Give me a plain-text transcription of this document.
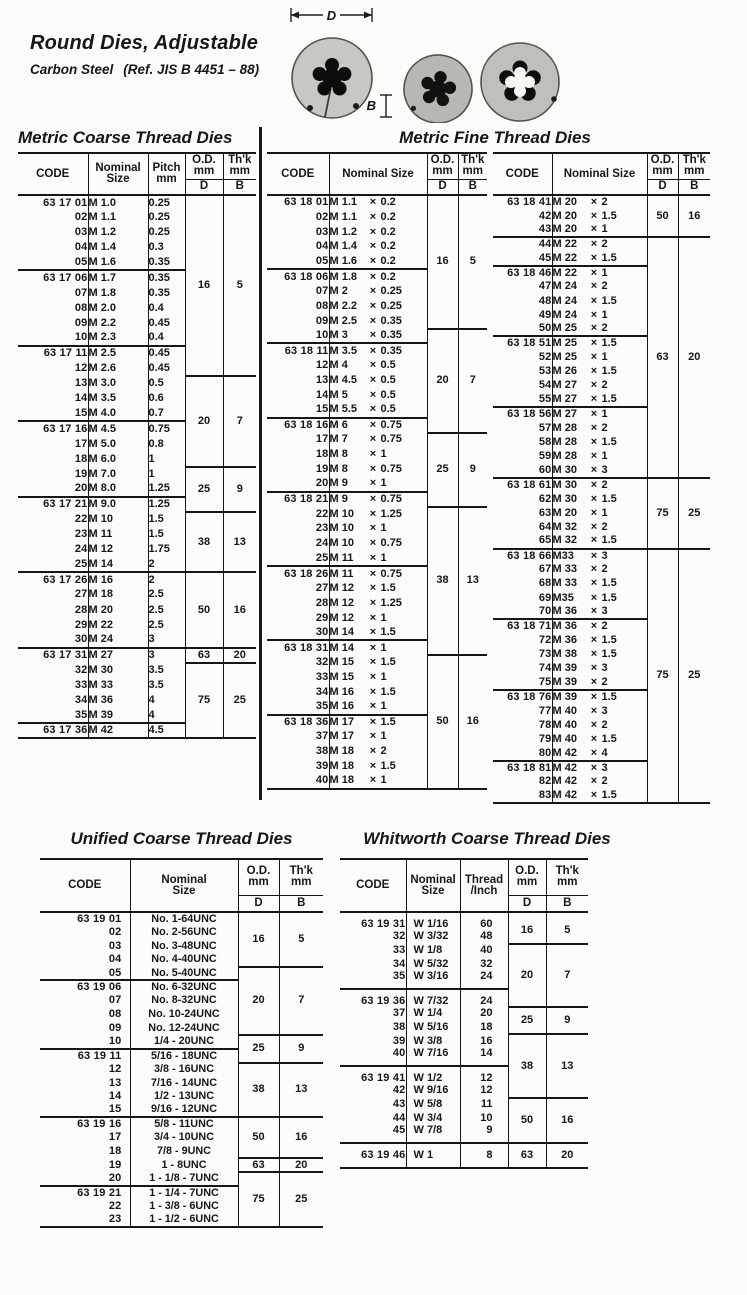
Round Dies, Adjustable
Carbon Steel (Ref. JIS B 4451 – 88)
D
B
Metric Coarse Thread Dies	Metric Fine Thread Dies
Unified Coarse Thread Dies	Whitworth Coarse Thread Dies
CODE	Nominal
Size	Pitch
mm	O.D.
mm	Th'k
mm
			D	B
63 17 01	M 1.0	0.25	16	5
02	M 1.1	0.25		
03	M 1.2	0.25		
04	M 1.4	0.3		
05	M 1.6	0.35		
63 17 06	M 1.7	0.35		
07	M 1.8	0.35		
08	M 2.0	0.4		
09	M 2.2	0.45		
10	M 2.3	0.4		
63 17 11	M 2.5	0.45		
12	M 2.6	0.45		
13	M 3.0	0.5	20	7
14	M 3.5	0.6		
15	M 4.0	0.7		
63 17 16	M 4.5	0.75		
17	M 5.0	0.8		
18	M 6.0	1		
19	M 7.0	1	25	9
20	M 8.0	1.25		
63 17 21	M 9.0	1.25		
22	M 10	1.5	38	13
23	M 11	1.5		
24	M 12	1.75		
25	M 14	2		
63 17 26	M 16	2	50	16
27	M 18	2.5		
28	M 20	2.5		
29	M 22	2.5		
30	M 24	3		
63 17 31	M 27	3	63	20
32	M 30	3.5	75	25
33	M 33	3.5		
34	M 36	4		
35	M 39	4		
63 17 36	M 42	4.5		
CODE	Nominal Size	O.D.
mm	Th'k
mm
		D	B
63 18 01	M 1.1 × 0.2	16	5
02	M 1.1 × 0.2		
03	M 1.2 × 0.2		
04	M 1.4 × 0.2		
05	M 1.6 × 0.2		
63 18 06	M 1.8 × 0.2		
07	M 2 × 0.25		
08	M 2.2 × 0.25		
09	M 2.5 × 0.35		
10	M 3 × 0.35	20	7
63 18 11	M 3.5 × 0.35		
12	M 4 × 0.5		
13	M 4.5 × 0.5		
14	M 5 × 0.5		
15	M 5.5 × 0.5		
63 18 16	M 6 × 0.75		
17	M 7 × 0.75	25	9
18	M 8 × 1		
19	M 8 × 0.75		
20	M 9 × 1		
63 18 21	M 9 × 0.75		
22	M 10 × 1.25	38	13
23	M 10 × 1		
24	M 10 × 0.75		
25	M 11 × 1		
63 18 26	M 11 × 0.75		
27	M 12 × 1.5		
28	M 12 × 1.25		
29	M 12 × 1		
30	M 14 × 1.5		
63 18 31	M 14 × 1		
32	M 15 × 1.5	50	16
33	M 15 × 1		
34	M 16 × 1.5		
35	M 16 × 1		
63 18 36	M 17 × 1.5		
37	M 17 × 1		
38	M 18 × 2		
39	M 18 × 1.5		
40	M 18 × 1		
CODE	Nominal Size	O.D.
mm	Th'k
mm
		D	B
63 18 41	M 20 × 2	50	16
42	M 20 × 1.5		
43	M 20 × 1		
44	M 22 × 2	63	20
45	M 22 × 1.5		
63 18 46	M 22 × 1		
47	M 24 × 2		
48	M 24 × 1.5		
49	M 24 × 1		
50	M 25 × 2		
63 18 51	M 25 × 1.5		
52	M 25 × 1		
53	M 26 × 1.5		
54	M 27 × 2		
55	M 27 × 1.5		
63 18 56	M 27 × 1		
57	M 28 × 2		
58	M 28 × 1.5		
59	M 28 × 1		
60	M 30 × 3		
63 18 61	M 30 × 2	75	25
62	M 30 × 1.5		
63	M 20 × 1		
64	M 32 × 2		
65	M 32 × 1.5		
63 18 66	M33 × 3	75	25
67	M 33 × 2		
68	M 33 × 1.5		
69	M35 × 1.5		
70	M 36 × 3		
63 18 71	M 36 × 2		
72	M 36 × 1.5		
73	M 38 × 1.5		
74	M 39 × 3		
75	M 39 × 2		
63 18 76	M 39 × 1.5		
77	M 40 × 3		
78	M 40 × 2		
79	M 40 × 1.5		
80	M 42 × 4		
63 18 81	M 42 × 3		
82	M 42 × 2		
83	M 42 × 1.5		
CODE	Nominal
Size	O.D.
mm	Th'k
mm
		D	B
63 19 01	No. 1-64UNC	16	5
02	No. 2-56UNC		
03	No. 3-48UNC		
04	No. 4-40UNC		
05	No. 5-40UNC	20	7
63 19 06	No. 6-32UNC		
07	No. 8-32UNC		
08	No. 10-24UNC		
09	No. 12-24UNC		
10	1/4 - 20UNC	25	9
63 19 11	5/16 - 18UNC		
12	3/8 - 16UNC	38	13
13	7/16 - 14UNC		
14	1/2 - 13UNC		
15	9/16 - 12UNC		
63 19 16	5/8 - 11UNC	50	16
17	3/4 - 10UNC		
18	7/8 - 9UNC		
19	1 - 8UNC	63	20
20	1 - 1/8 - 7UNC	75	25
63 19 21	1 - 1/4 - 7UNC		
22	1 - 3/8 - 6UNC		
23	1 - 1/2 - 6UNC		
CODE	Nominal
Size	Thread
/Inch	O.D.
mm	Th'k
mm
			D	B
63 19 31	W 1/16	60	16	5
32	W 3/32	48		
33	W 1/8	40	20	7
34	W 5/32	32		
35	W 3/16	24		
63 19 36	W 7/32	24		
37	W 1/4	20	25	9
38	W 5/16	18		
39	W 3/8	16	38	13
40	W 7/16	14		
63 19 41	W 1/2	12		
42	W 9/16	12		
43	W 5/8	11	50	16
44	W 3/4	10		
45	W 7/8	9		
63 19 46	W 1	8	63	20
